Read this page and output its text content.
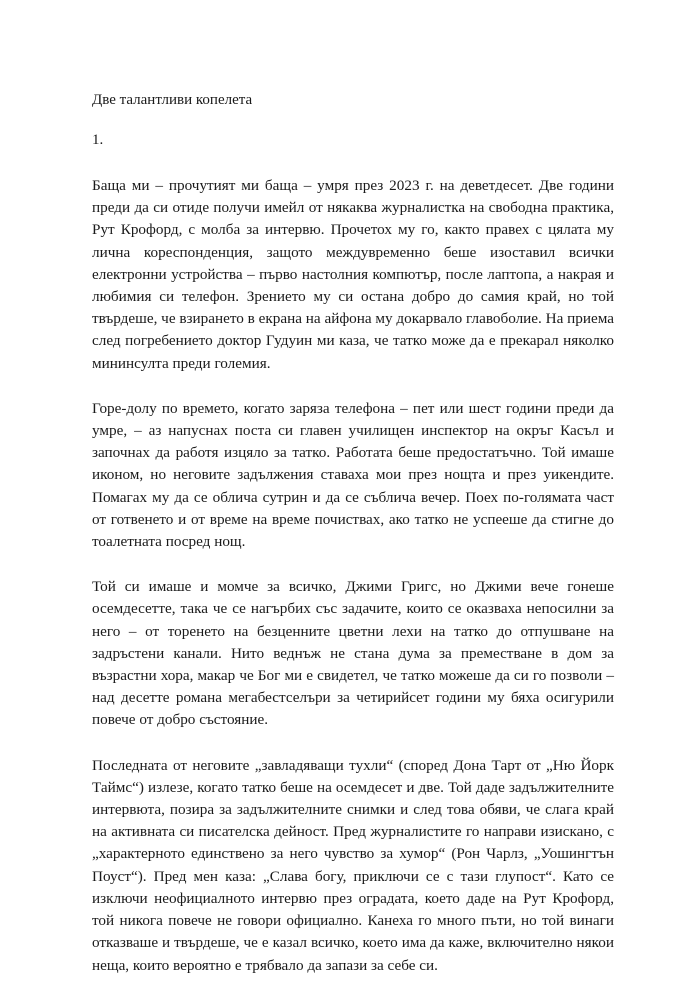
Две талантливи копелета

1.

Баща ми – прочутият ми баща – умря през 2023 г. на деветдесет. Две години преди да си отиде получи имейл от някаква журналистка на свободна практика, Рут Крофорд, с молба за интервю. Прочетох му го, както правех с цялата му лична кореспонденция, защото междувременно беше изоставил всички електронни устройства – първо настолния компютър, после лаптопа, а накрая и любимия си телефон. Зрението му си остана добро до самия край, но той твърдеше, че взирането в екрана на айфона му докарвало главоболие. На приема след погребението доктор Гудуин ми каза, че татко може да е прекарал няколко мининсулта преди големия.

Горе-долу по времето, когато заряза телефона – пет или шест години преди да умре, – аз напуснах поста си главен училищен инспектор на окръг Касъл и започнах да работя изцяло за татко. Работата беше предостатъчно. Той имаше иконом, но неговите задължения ставаха мои през нощта и през уикендите. Помагах му да се облича сутрин и да се съблича вечер. Поех по-голямата част от готвенето и от време на време почиствах, ако татко не успееше да стигне до тоалетната посред нощ.

Той си имаше и момче за всичко, Джими Григс, но Джими вече гонеше осемдесетте, така че се нагърбих със задачите, които се оказваха непосилни за него – от торенето на безценните цветни лехи на татко до отпушване на задръстени канали. Нито веднъж не стана дума за преместване в дом за възрастни хора, макар че Бог ми е свидетел, че татко можеше да си го позволи – над десетте романа мегабестселъри за четирийсет години му бяха осигурили повече от добро състояние.

Последната от неговите „завладяващи тухли“ (според Дона Тарт от „Ню Йорк Таймс“) излезе, когато татко беше на осемдесет и две. Той даде задължителните интервюта, позира за задължителните снимки и след това обяви, че слага край на активната си писателска дейност. Пред журналистите го направи изискано, с „характерното единствено за него чувство за хумор“ (Рон Чарлз, „Уошингтън Поуст“). Пред мен каза: „Слава богу, приключи се с тази глупост“. Като се изключи неофициалното интервю през оградата, което даде на Рут Крофорд, той никога повече не говори официално. Канеха го много пъти, но той винаги отказваше и твърдеше, че е казал всичко, което има да каже, включително някои неща, които вероятно е трябвало да запази за себе си.
